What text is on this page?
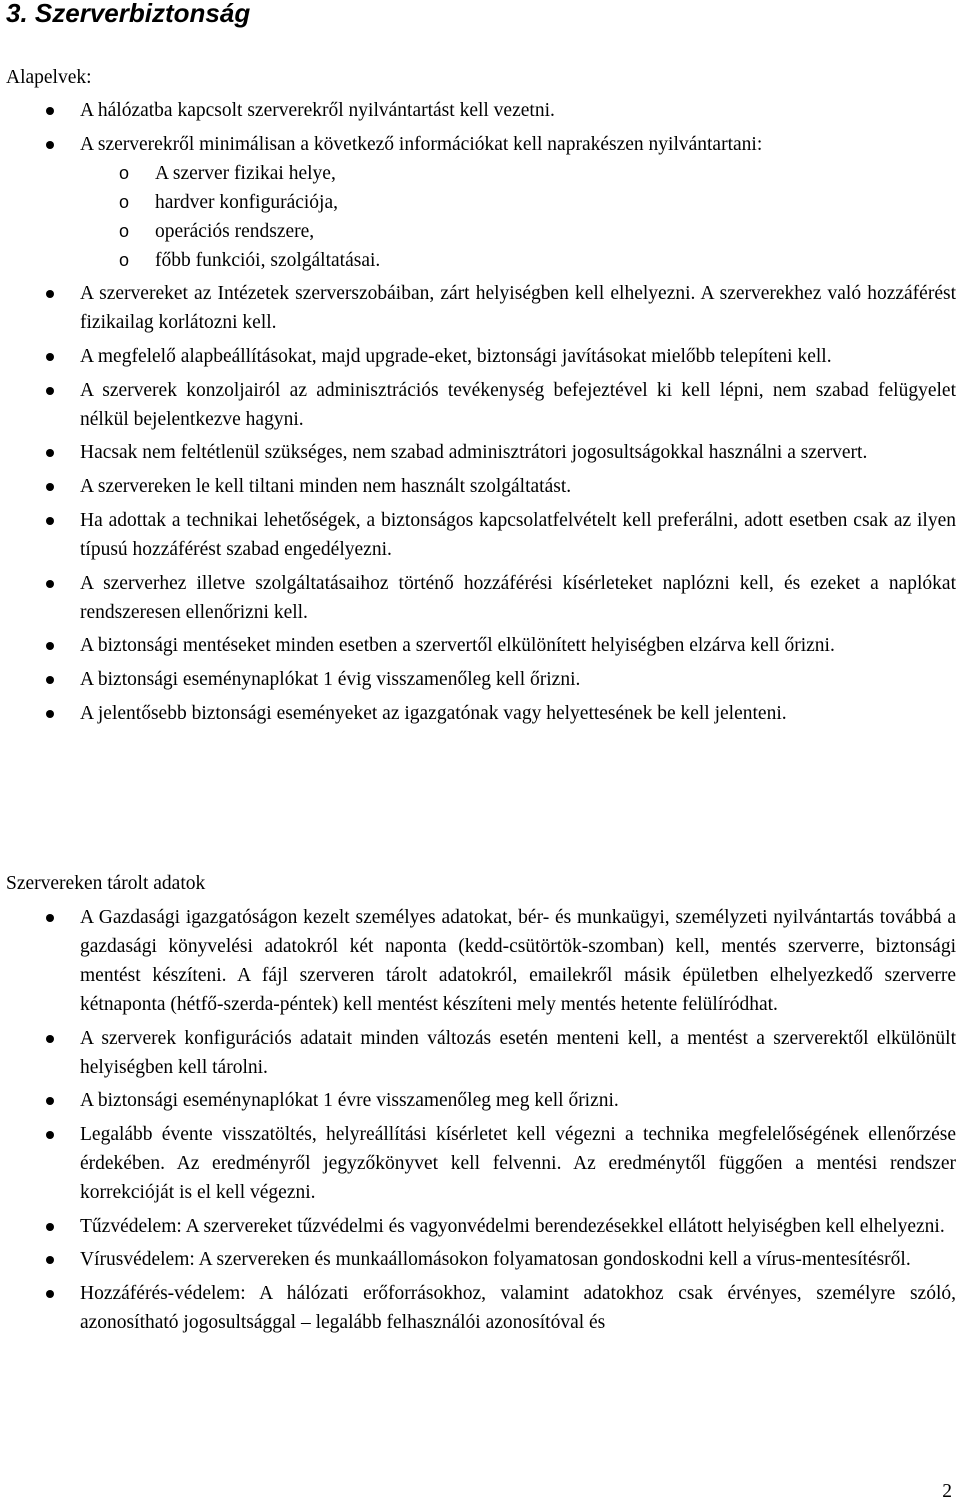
3. Szerverbiztonság

Alapelvek:

A hálózatba kapcsolt szerverekről nyilvántartást kell vezetni.
A szerverekről minimálisan a következő információkat kell naprakészen nyilvántartani:
o A szerver fizikai helye,
o hardver konfigurációja,
o operációs rendszere,
o főbb funkciói, szolgáltatásai.
A szervereket az Intézetek szerverszobáiban, zárt helyiségben kell elhelyezni. A szerverekhez való hozzáférést fizikailag korlátozni kell.
A megfelelő alapbeállításokat, majd upgrade-eket, biztonsági javításokat mielőbb telepíteni kell.
A szerverek konzoljairól az adminisztrációs tevékenység befejeztével ki kell lépni, nem szabad felügyelet nélkül bejelentkezve hagyni.
Hacsak nem feltétlenül szükséges, nem szabad adminisztrátori jogosultságokkal használni a szervert.
A szervereken le kell tiltani minden nem használt szolgáltatást.
Ha adottak a technikai lehetőségek, a biztonságos kapcsolatfelvételt kell preferálni, adott esetben csak az ilyen típusú hozzáférést szabad engedélyezni.
A szerverhez illetve szolgáltatásaihoz történő hozzáférési kísérleteket naplózni kell, és ezeket a naplókat rendszeresen ellenőrizni kell.
A biztonsági mentéseket minden esetben a szervertől elkülönített helyiségben elzárva kell őrizni.
A biztonsági eseménynaplókat 1 évig visszamenőleg kell őrizni.
A jelentősebb biztonsági eseményeket az igazgatónak vagy helyettesének be kell jelenteni.

Szervereken tárolt adatok

A Gazdasági igazgatóságon kezelt személyes adatokat, bér- és munkaügyi, személyzeti nyilvántartás továbbá a gazdasági könyvelési adatokról két naponta (kedd-csütörtök-szomban) kell, mentés szerverre, biztonsági mentést készíteni. A fájl szerveren tárolt adatokról, emailekről másik épületben elhelyezkedő szerverre kétnaponta (hétfő-szerda-péntek) kell mentést készíteni mely mentés hetente felülíródhat.
A szerverek konfigurációs adatait minden változás esetén menteni kell, a mentést a szerverektől elkülönült helyiségben kell tárolni.
A biztonsági eseménynaplókat 1 évre visszamenőleg meg kell őrizni.
Legalább évente visszatöltés, helyreállítási kísérletet kell végezni a technika megfelelőségének ellenőrzése érdekében. Az eredményről jegyzőkönyvet kell felvenni. Az eredménytől függően a mentési rendszer korrekcióját is el kell végezni.
Tűzvédelem: A szervereket tűzvédelmi és vagyonvédelmi berendezésekkel ellátott helyiségben kell elhelyezni.
Vírusvédelem: A szervereken és munkaállomásokon folyamatosan gondoskodni kell a vírus-mentesítésről.
Hozzáférés-védelem: A hálózati erőforrásokhoz, valamint adatokhoz csak érvényes, személyre szóló, azonosítható jogosultsággal – legalább felhasználói azonosítóval és
2
